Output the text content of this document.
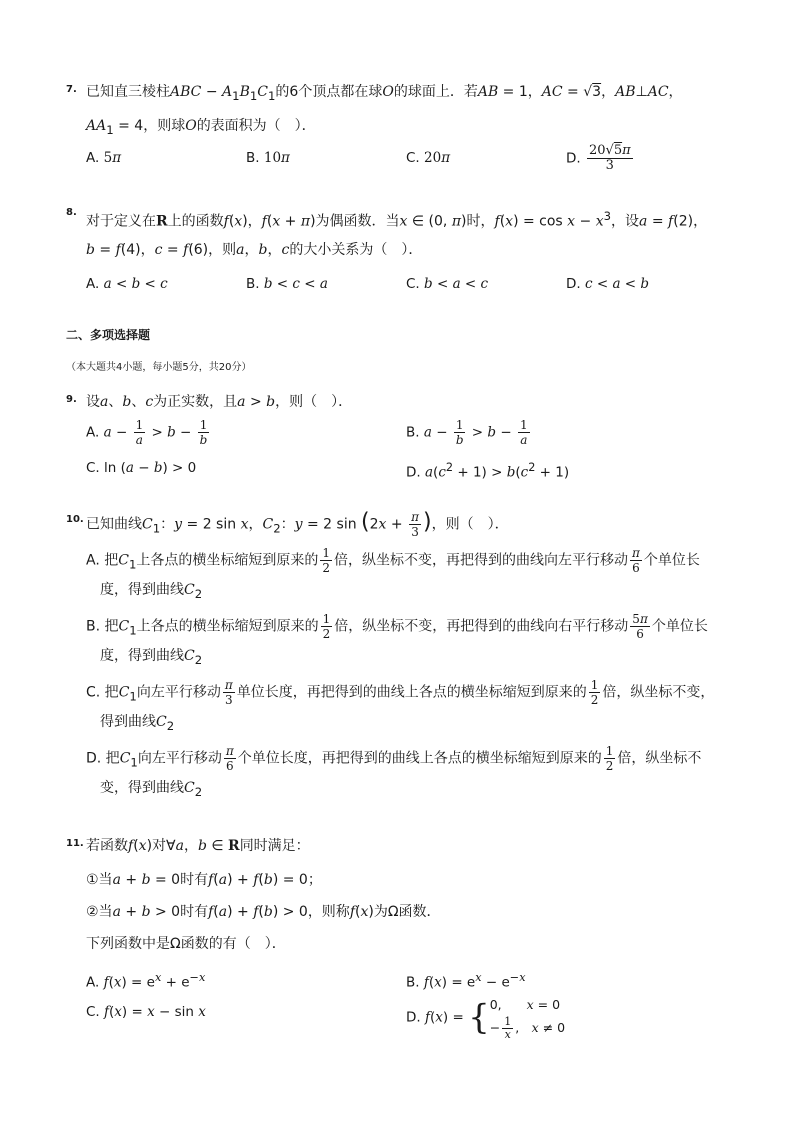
7. 已知直三棱柱ABC − $A_1B_1C_1$的6个顶点都在球O的球面上．若AB = 1，AC = √3，AB⊥AC，
$AA_1 = 4$，则球O的表面积为（　）．
A. 5π	B. 10π	C. 20π	D. $\frac{20√5\pi}{3}$
8.
对于定义在R上的函数f(x)，f(x + π)为偶函数．当x ∈ (0, π)时，$f(x) = \cos x - x^3$，设a = f(2)，
b = f(4)，c = f(6)，则a，b，c的大小关系为（　）．
A. a < b < c	B. b < c < a	C. b < a < c	D. c < a < b
二、多项选择题
（本大题共4小题，每小题5分，共20分）
9. 设a、b、c为正实数，且a > b，则（　）．
A. $a - \frac{1}{a} > b - \frac{1}{b}$	B. $a - \frac{1}{b} > b - \frac{1}{a}$
C. ln (a − b) > 0	D. $a(c^2 + 1) > b(c^2 + 1)$
10. 已知曲线$C_1$：y = 2 sin x，$C_2$：y = 2 $\sin (2x + \frac{\pi}{3}$ )，则（　）．
A. 把$C_1$上各点的横坐标缩短到原来的 $\frac{1}{2}$ 倍，纵坐标不变，再把得到的曲线向左平行移动 $\frac{\pi}{6}$ 个单位长
度，得到曲线$C_2$
B. 把$C_1$上各点的横坐标缩短到原来的 $\frac{1}{2}$ 倍，纵坐标不变，再把得到的曲线向右平行移动 $\frac{5\pi}{6}$ 个单位长
度，得到曲线$C_2$
C. 把$C_1$向左平行移动 $\frac{\pi}{3}$ 单位长度，再把得到的曲线上各点的横坐标缩短到原来的 $\frac{1}{2}$ 倍，纵坐标不变，
得到曲线$C_2$
D. 把$C_1$向左平行移动 $\frac{\pi}{6}$ 个单位长度，再把得到的曲线上各点的横坐标缩短到原来的 $\frac{1}{2}$ 倍，纵坐标不
变，得到曲线$C_2$
11. 若函数f(x)对∀a，b ∈ R同时满足：
①当a + b = 0时有f(a) + f(b) = 0；
②当a + b > 0时有f(a) + f(b) > 0，则称f(x)为Ω函数．
下列函数中是Ω函数的有（　）．
A. $f(x) = e^x + e^{-x}$	B. $f(x) = e^x - e^{-x}$
C. f(x) = x − sin x	D. f(x) = { 0,　　x = 0
− $\frac{1}{x}$ ,　x ≠ 0
